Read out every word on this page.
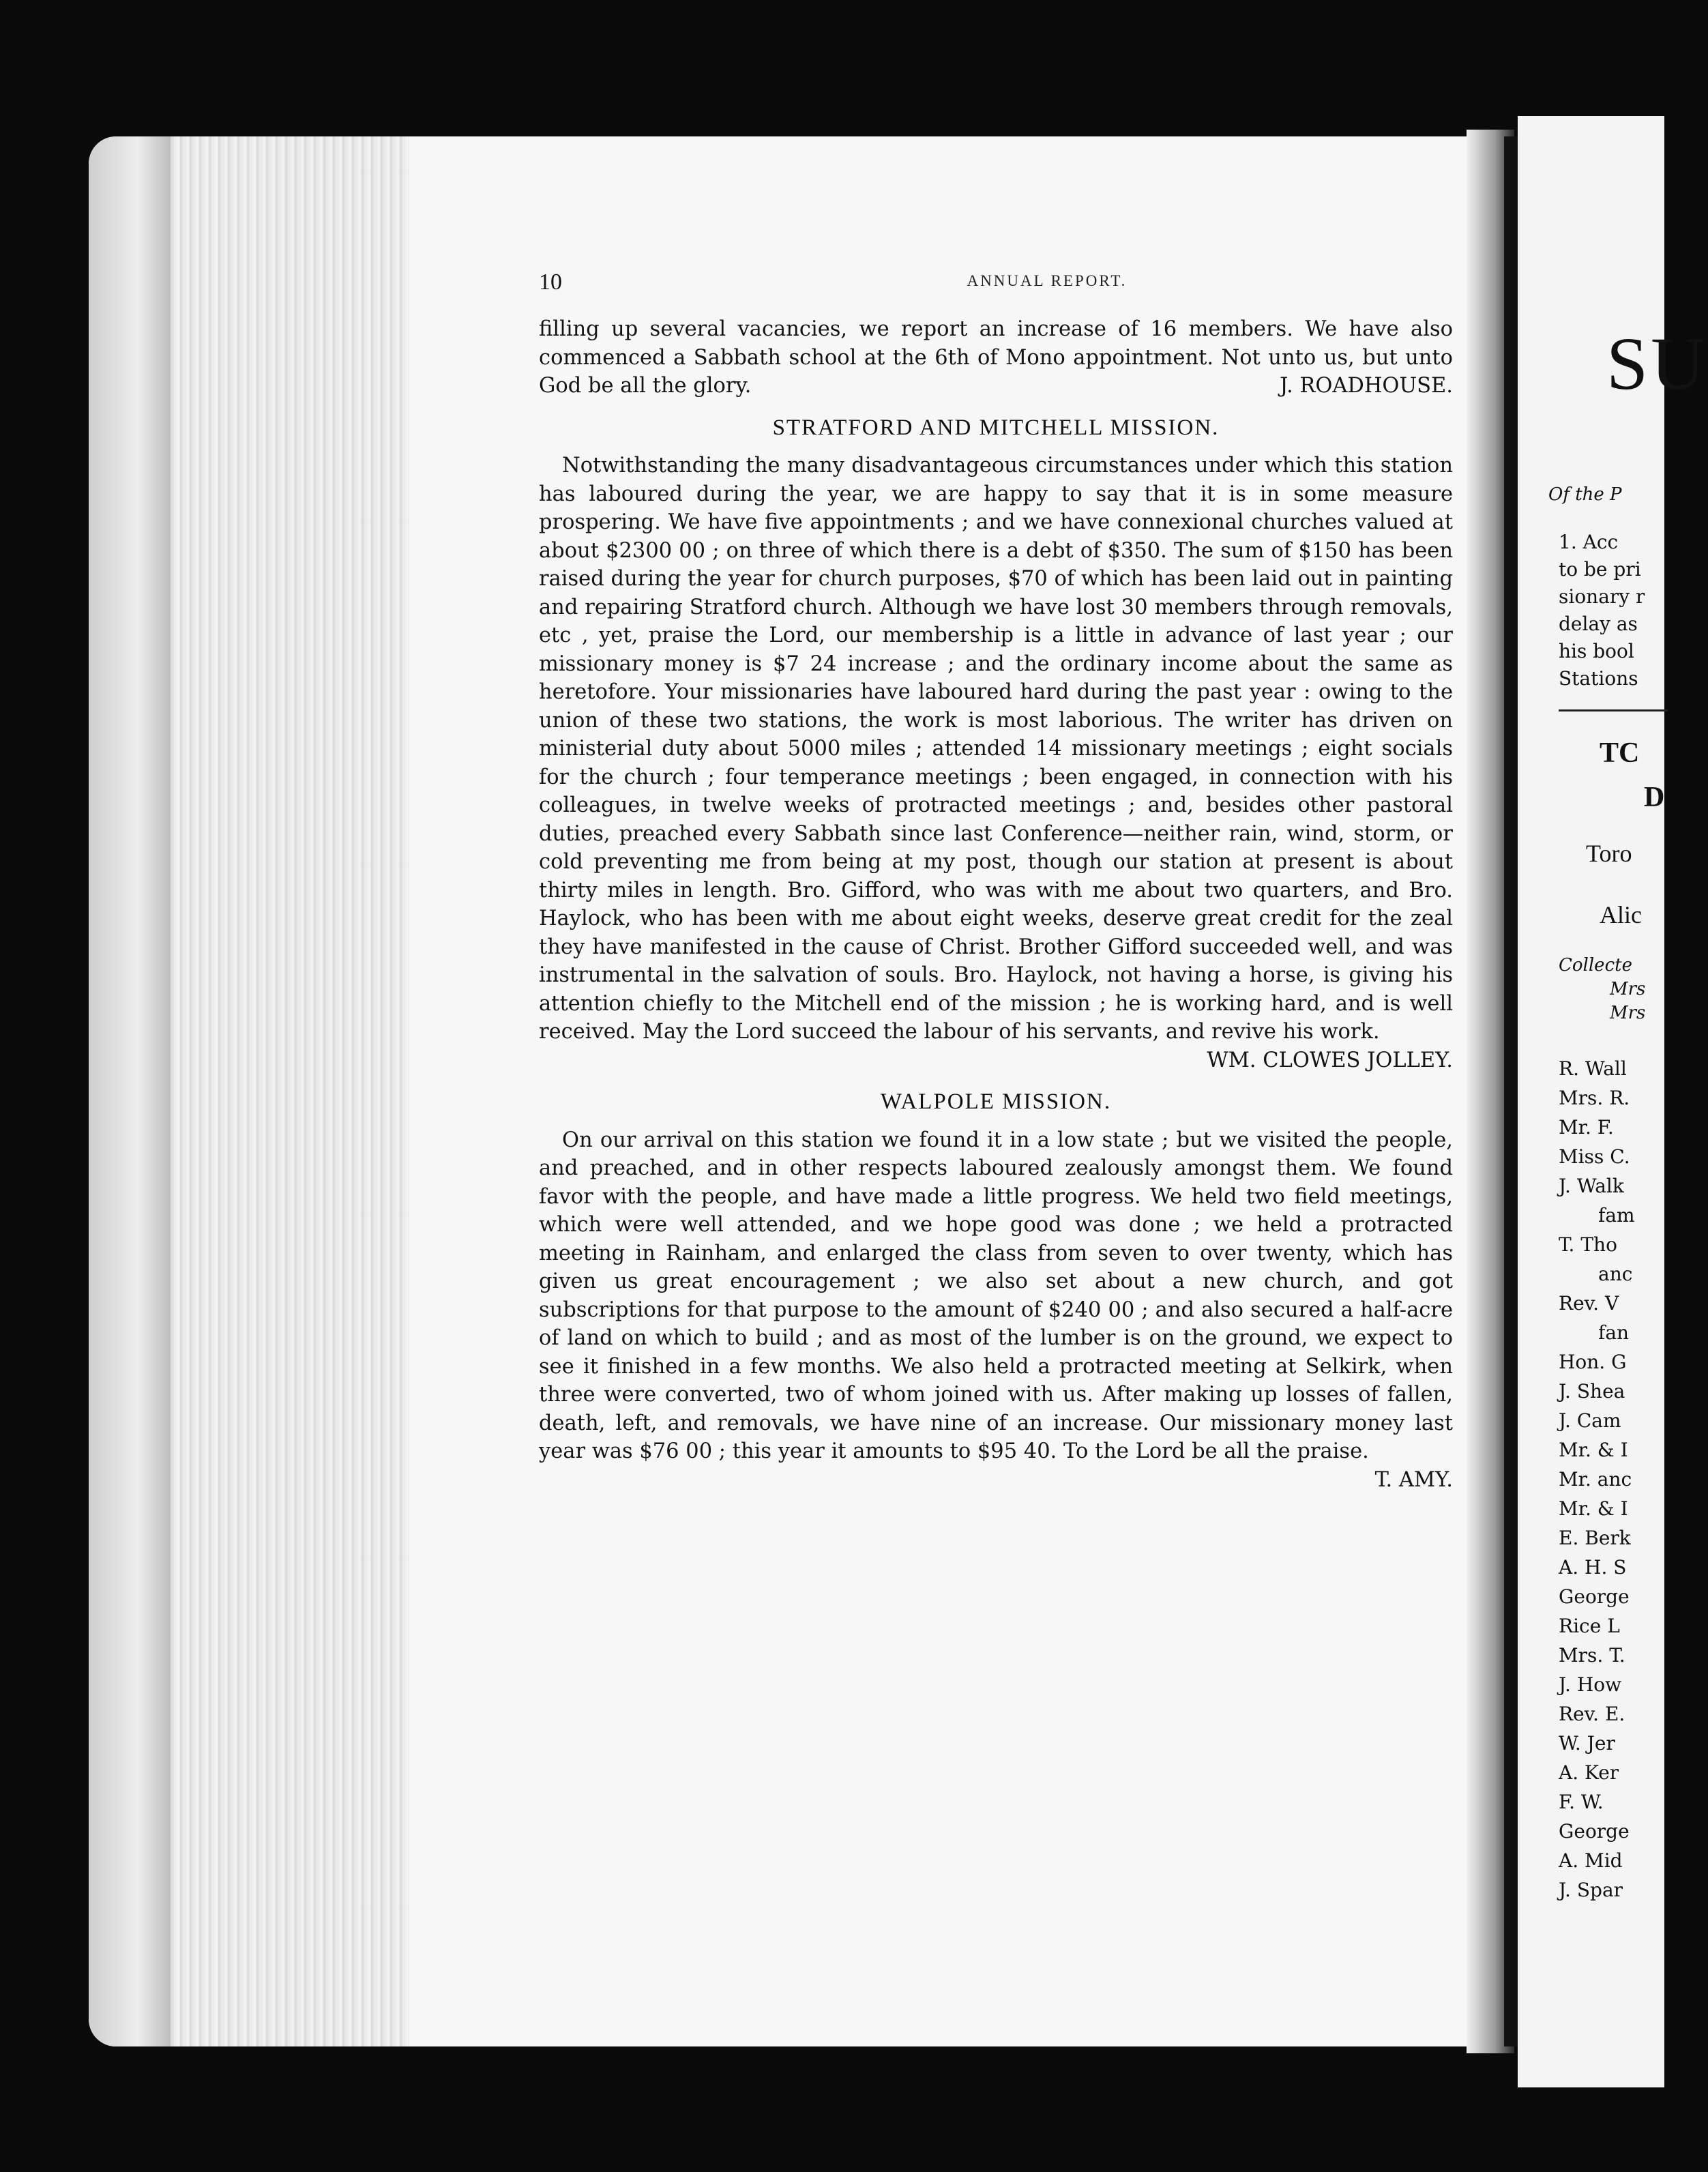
10	ANNUAL REPORT.

filling up several vacancies, we report an increase of 16 members. We have also commenced a Sabbath school at the 6th of Mono appointment. Not unto us, but unto God be all the glory.	J. ROADHOUSE.

STRATFORD AND MITCHELL MISSION.

Notwithstanding the many disadvantageous circumstances under which this station has laboured during the year, we are happy to say that it is in some measure prospering. We have five appointments ; and we have connexional churches valued at about $2300 00 ; on three of which there is a debt of $350. The sum of $150 has been raised during the year for church purposes, $70 of which has been laid out in painting and repairing Stratford church. Although we have lost 30 members through removals, etc , yet, praise the Lord, our membership is a little in advance of last year ; our missionary money is $7 24 increase ; and the ordinary income about the same as heretofore. Your missionaries have laboured hard during the past year : owing to the union of these two stations, the work is most laborious. The writer has driven on ministerial duty about 5000 miles ; attended 14 missionary meetings ; eight socials for the church ; four temperance meetings ; been engaged, in connection with his colleagues, in twelve weeks of protracted meetings ; and, besides other pastoral duties, preached every Sabbath since last Conference—neither rain, wind, storm, or cold preventing me from being at my post, though our station at present is about thirty miles in length. Bro. Gifford, who was with me about two quarters, and Bro. Haylock, who has been with me about eight weeks, deserve great credit for the zeal they have manifested in the cause of Christ. Brother Gifford succeeded well, and was instrumental in the salvation of souls. Bro. Haylock, not having a horse, is giving his attention chiefly to the Mitchell end of the mission ; he is working hard, and is well received. May the Lord succeed the labour of his servants, and revive his work.
WM. CLOWES JOLLEY.

WALPOLE MISSION.

On our arrival on this station we found it in a low state ; but we visited the people, and preached, and in other respects laboured zealously amongst them. We found favor with the people, and have made a little progress. We held two field meetings, which were well attended, and we hope good was done ; we held a protracted meeting in Rainham, and enlarged the class from seven to over twenty, which has given us great encouragement ; we also set about a new church, and got subscriptions for that purpose to the amount of $240 00 ; and also secured a half-acre of land on which to build ; and as most of the lumber is on the ground, we expect to see it finished in a few months. We also held a protracted meeting at Selkirk, when three were converted, two of whom joined with us. After making up losses of fallen, death, left, and removals, we have nine of an increase. Our missionary money last year was $76 00 ; this year it amounts to $95 40. To the Lord be all the praise.
T. AMY.

SU
Of the P
1. Acc
to be pri
sionary r
delay as
his bool
Stations
TC
D
Toro
Alic
Collecte
Mrs
Mrs
R. Wall
Mrs. R.
Mr. F.
Miss C.
J. Walk
fam
T. Tho
anc
Rev. V
fan
Hon. G
J. Shea
J. Cam
Mr. & I
Mr. anc
Mr. & I
E. Berk
A. H. S
George
Rice L
Mrs. T.
J. How
Rev. E.
W. Jer
A. Ker
F. W.
George
A. Mid
J. Spar
